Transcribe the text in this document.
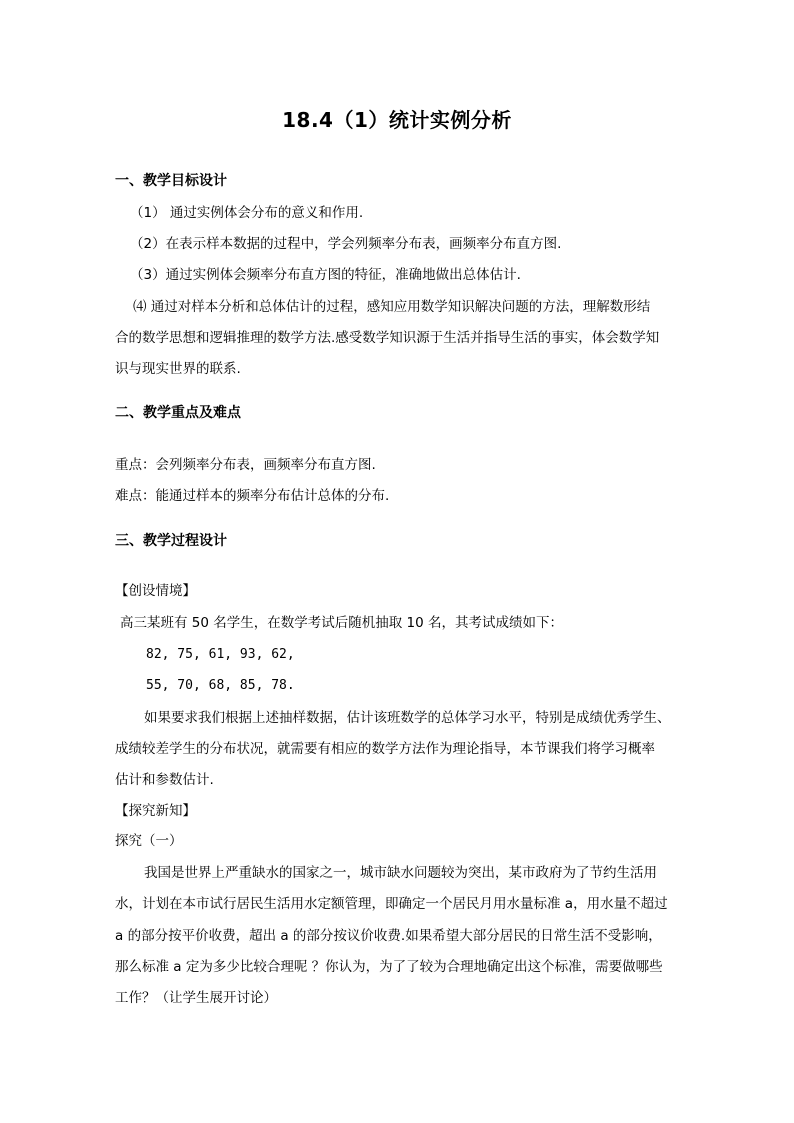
18.4（1）统计实例分析
一、教学目标设计
（1） 通过实例体会分布的意义和作用.
（2）在表示样本数据的过程中，学会列频率分布表，画频率分布直方图.
（3）通过实例体会频率分布直方图的特征，准确地做出总体估计.
⑷ 通过对样本分析和总体估计的过程，感知应用数学知识解决问题的方法，理解数形结
合的数学思想和逻辑推理的数学方法.感受数学知识源于生活并指导生活的事实，体会数学知
识与现实世界的联系.
二、教学重点及难点
重点：会列频率分布表，画频率分布直方图.
难点：能通过样本的频率分布估计总体的分布.
三、教学过程设计
【创设情境】
高三某班有 50 名学生，在数学考试后随机抽取 10 名，其考试成绩如下：
82, 75, 61, 93, 62,
55, 70, 68, 85, 78.
如果要求我们根据上述抽样数据，估计该班数学的总体学习水平，特别是成绩优秀学生、
成绩较差学生的分布状况，就需要有相应的数学方法作为理论指导，本节课我们将学习概率
估计和参数估计.
【探究新知】
探究（一）
我国是世界上严重缺水的国家之一，城市缺水问题较为突出，某市政府为了节约生活用
水，计划在本市试行居民生活用水定额管理，即确定一个居民月用水量标准 a，用水量不超过
a 的部分按平价收费，超出 a 的部分按议价收费.如果希望大部分居民的日常生活不受影响，
那么标准 a 定为多少比较合理呢 ？你认为，为了了较为合理地确定出这个标准，需要做哪些
工作？（让学生展开讨论）
